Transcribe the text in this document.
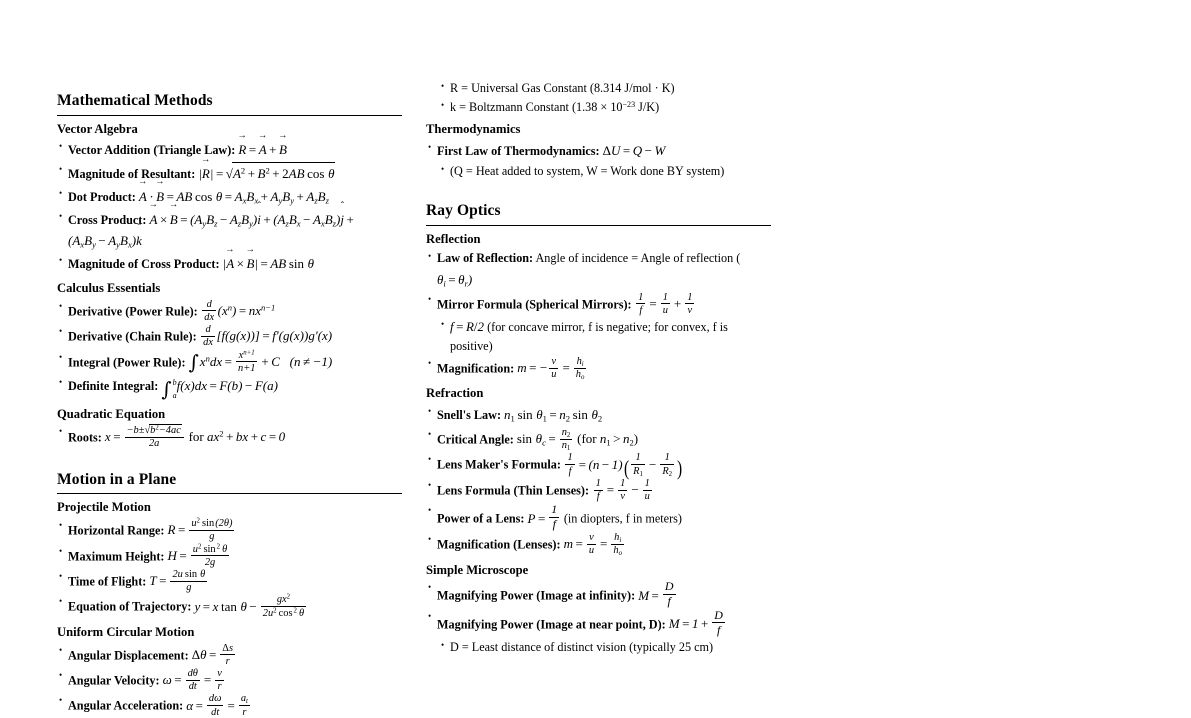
Mathematical Methods
Vector Algebra
• Vector Addition (Triangle Law): R → = A → + B →
• Magnitude of Resultant: |R →| = $√A^2 + B^2 + 2AB$ cos  θ
• Dot Product: A → · B → = AB $\cos \theta = A_xB_x + A_yB_y + A_zB_z$
• Cross Product: A → × B → = $(A_yB_z - A_zB_y)i$ ˆ + $(A_zB_x - A_xB_z)j$ ˆ $+(A_xB_y - A_yB_x)k$ ˆ
• Magnitude of Cross Product: |A → × B →| = AB sin  θ
Calculus Essentials
• Derivative (Power Rule): $\frac{d}{dx} (x^n) = nx^{n-1}$
• Derivative (Chain Rule): $\frac{d}{dx} [f(g(x))] = f'(g(x))g'(x)$
• Integral (Power Rule): $\int x^ndx = \frac{x^{n+1}}{n+1} + C$   (n ≠ −1)
• Definite Integral: ∫ b
a
f(x)dx = F(b) − F(a)
Quadratic Equation
• Roots: $x = \frac{-b\pm√b^2-4ac}{2a}$ for $ax^2$ + bx + c = 0
Motion in a Plane
Projectile Motion
• Horizontal Range: $R = \frac{u^2 \sin(2\theta)}{g}$
• Maximum Height: $H = \frac{u^2 \sin^2 \theta}{2g}$
• Time of Flight: $T = \frac{\text{2u sin  θ}}{g}$
• Equation of Trajectory: y = x $\tan \theta - \frac{gx^2}{2u^2 \cos^2 \theta}$
Uniform Circular Motion
• Angular Displacement: $\Delta\theta = \frac{\Delta s}{r}$
• Angular Velocity: $\omega = \frac{d\theta}{dt} = \frac{v}{r}$
• Angular Acceleration: $\alpha = \frac{d\omega}{dt} = \frac{a_t}{r}$
• R = Universal Gas Constant (8.314 J/mol · K)
• k = Boltzmann Constant ($1.38 \times 10^{-23}$ J/K)
Thermodynamics
• First Law of Thermodynamics: ΔU = Q − W
• (Q = Heat added to system, W = Work done BY system)
Ray Optics
Reflection
• Law of Reflection: Angle of incidence = Angle of reflection ( $\theta_i = \theta_r$)
• Mirror Formula (Spherical Mirrors): $\frac{1}{f} = \frac{1}{u} + \frac{1}{v}$
• f = R/2 (for concave mirror, f is negative; for convex, f is positive)
• Magnification: m = − $\frac{v}{u} = \frac{h_i}{h_o}$
Refraction
• Snell's Law: $n_1$ $\sin \theta_1 = n_2$ $\sin \theta_2$
• Critical Angle: $\sin \theta_c = \frac{n_2}{n_1} (for$ $n_1 > n_2$)
• Lens Maker's Formula: $\frac{1}{f} = (n - 1)( \frac{1}{R_1} - \frac{1}{R_2}$ )
• Lens Formula (Thin Lenses): $\frac{1}{f} = \frac{1}{v} - \frac{1}{u}$
• Power of a Lens: $P = \frac{1}{f} (in$ diopters, f in meters)
• Magnification (Lenses): $m = \frac{v}{u} = \frac{h_i}{h_o}$
Simple Microscope
• Magnifying Power (Image at infinity): $M = \frac{D}{f}$
• Magnifying Power (Image at near point, D): $M = 1 + \frac{D}{f}$
• D = Least distance of distinct vision (typically 25 cm)
